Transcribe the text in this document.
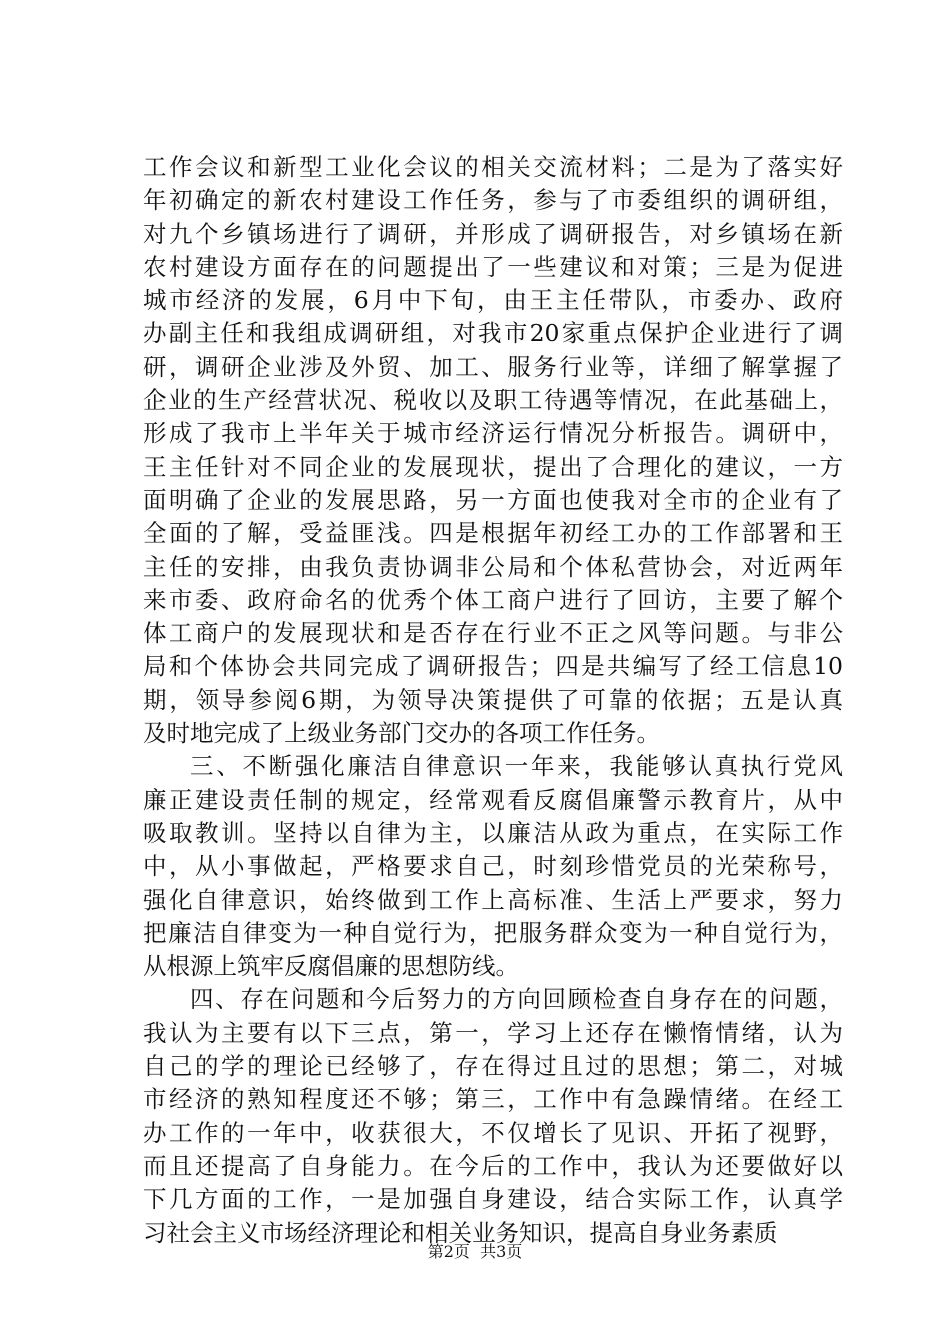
工作会议和新型工业化会议的相关交流材料；二是为了落实好
年初确定的新农村建设工作任务，参与了市委组织的调研组，
对九个乡镇场进行了调研，并形成了调研报告，对乡镇场在新
农村建设方面存在的问题提出了一些建议和对策；三是为促进
城市经济的发展，6月中下旬，由王主任带队，市委办、政府
办副主任和我组成调研组，对我市20家重点保护企业进行了调
研，调研企业涉及外贸、加工、服务行业等，详细了解掌握了
企业的生产经营状况、税收以及职工待遇等情况，在此基础上，
形成了我市上半年关于城市经济运行情况分析报告。调研中，
王主任针对不同企业的发展现状，提出了合理化的建议，一方
面明确了企业的发展思路，另一方面也使我对全市的企业有了
全面的了解，受益匪浅。四是根据年初经工办的工作部署和王
主任的安排，由我负责协调非公局和个体私营协会，对近两年
来市委、政府命名的优秀个体工商户进行了回访，主要了解个
体工商户的发展现状和是否存在行业不正之风等问题。与非公
局和个体协会共同完成了调研报告；四是共编写了经工信息10
期，领导参阅6期，为领导决策提供了可靠的依据；五是认真
及时地完成了上级业务部门交办的各项工作任务。
三、不断强化廉洁自律意识一年来，我能够认真执行党风
廉正建设责任制的规定，经常观看反腐倡廉警示教育片，从中
吸取教训。坚持以自律为主，以廉洁从政为重点，在实际工作
中，从小事做起，严格要求自己，时刻珍惜党员的光荣称号，
强化自律意识，始终做到工作上高标准、生活上严要求，努力
把廉洁自律变为一种自觉行为，把服务群众变为一种自觉行为，
从根源上筑牢反腐倡廉的思想防线。
四、存在问题和今后努力的方向回顾检查自身存在的问题，
我认为主要有以下三点，第一，学习上还存在懒惰情绪，认为
自己的学的理论已经够了，存在得过且过的思想；第二，对城
市经济的熟知程度还不够；第三，工作中有急躁情绪。在经工
办工作的一年中，收获很大，不仅增长了见识、开拓了视野，
而且还提高了自身能力。在今后的工作中，我认为还要做好以
下几方面的工作，一是加强自身建设，结合实际工作，认真学
习社会主义市场经济理论和相关业务知识，提高自身业务素质
第2页  共3页
